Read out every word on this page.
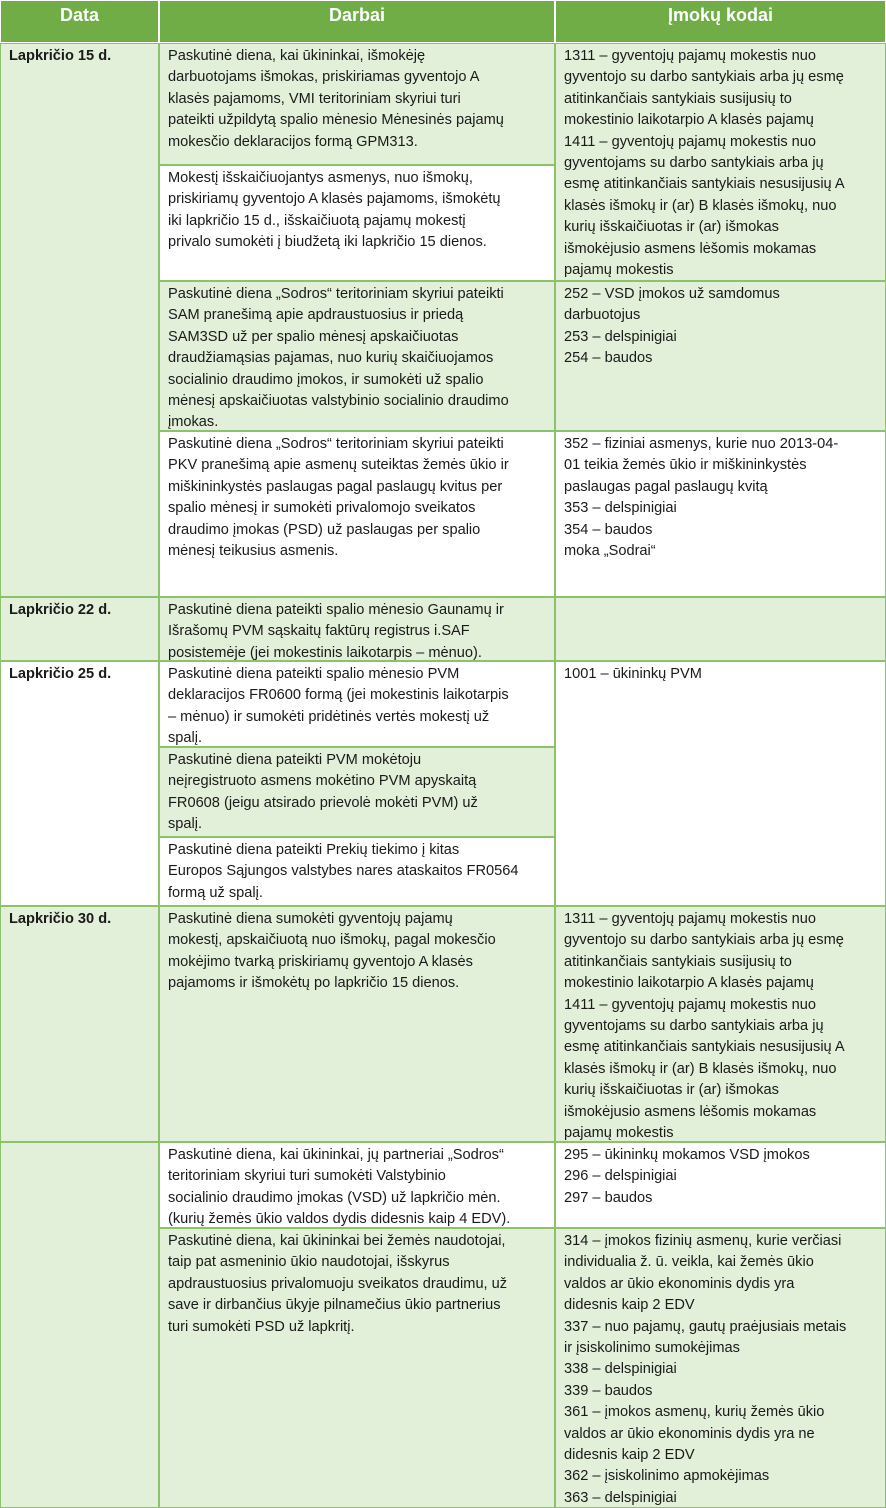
Data	Darbai	Įmokų kodai
Lapkričio 15 d.
Lapkričio 22 d.
Lapkričio 25 d.
Lapkričio 30 d.
Paskutinė diena, kai ūkininkai, išmokėję
darbuotojams išmokas, priskiriamas gyventojo A
klasės pajamoms, VMI teritoriniam skyriui turi
pateikti užpildytą spalio mėnesio Mėnesinės pajamų
mokesčio deklaracijos formą GPM313.
Mokestį išskaičiuojantys asmenys, nuo išmokų,
priskiriamų gyventojo A klasės pajamoms, išmokėtų
iki lapkričio 15 d., išskaičiuotą pajamų mokestį
privalo sumokėti į biudžetą iki lapkričio 15 dienos.
Paskutinė diena „Sodros“ teritoriniam skyriui pateikti
SAM pranešimą apie apdraustuosius ir priedą
SAM3SD už per spalio mėnesį apskaičiuotas
draudžiamąsias pajamas, nuo kurių skaičiuojamos
socialinio draudimo įmokos, ir sumokėti už spalio
mėnesį apskaičiuotas valstybinio socialinio draudimo
įmokas.
Paskutinė diena „Sodros“ teritoriniam skyriui pateikti
PKV pranešimą apie asmenų suteiktas žemės ūkio ir
miškininkystės paslaugas pagal paslaugų kvitus per
spalio mėnesį ir sumokėti privalomojo sveikatos
draudimo įmokas (PSD) už paslaugas per spalio
mėnesį teikusius asmenis.
Paskutinė diena pateikti spalio mėnesio Gaunamų ir
Išrašomų PVM sąskaitų faktūrų registrus i.SAF
posistemėje (jei mokestinis laikotarpis – mėnuo).
Paskutinė diena pateikti spalio mėnesio PVM
deklaracijos FR0600 formą (jei mokestinis laikotarpis
– mėnuo) ir sumokėti pridėtinės vertės mokestį už
spalį.
Paskutinė diena pateikti PVM mokėtoju
neįregistruoto asmens mokėtino PVM apyskaitą
FR0608 (jeigu atsirado prievolė mokėti PVM) už
spalį.
Paskutinė diena pateikti Prekių tiekimo į kitas
Europos Sąjungos valstybes nares ataskaitos FR0564
formą už spalį.
Paskutinė diena sumokėti gyventojų pajamų
mokestį, apskaičiuotą nuo išmokų, pagal mokesčio
mokėjimo tvarką priskiriamų gyventojo A klasės
pajamoms ir išmokėtų po lapkričio 15 dienos.
Paskutinė diena, kai ūkininkai, jų partneriai „Sodros“
teritoriniam skyriui turi sumokėti Valstybinio
socialinio draudimo įmokas (VSD) už lapkričio mėn.
(kurių žemės ūkio valdos dydis didesnis kaip 4 EDV).
Paskutinė diena, kai ūkininkai bei žemės naudotojai,
taip pat asmeninio ūkio naudotojai, išskyrus
apdraustuosius privalomuoju sveikatos draudimu, už
save ir dirbančius ūkyje pilnamečius ūkio partnerius
turi sumokėti PSD už lapkritį.
1311 – gyventojų pajamų mokestis nuo
gyventojo su darbo santykiais arba jų esmę
atitinkančiais santykiais susijusių to
mokestinio laikotarpio A klasės pajamų
1411 – gyventojų pajamų mokestis nuo
gyventojams su darbo santykiais arba jų
esmę atitinkančiais santykiais nesusijusių A
klasės išmokų ir (ar) B klasės išmokų, nuo
kurių išskaičiuotas ir (ar) išmokas
išmokėjusio asmens lėšomis mokamas
pajamų mokestis
252 – VSD įmokos už samdomus
darbuotojus
253 – delspinigiai
254 – baudos
352 – fiziniai asmenys, kurie nuo 2013-04-
01 teikia žemės ūkio ir miškininkystės
paslaugas pagal paslaugų kvitą
353 – delspinigiai
354 – baudos
moka „Sodrai“
1001 – ūkininkų PVM
1311 – gyventojų pajamų mokestis nuo
gyventojo su darbo santykiais arba jų esmę
atitinkančiais santykiais susijusių to
mokestinio laikotarpio A klasės pajamų
1411 – gyventojų pajamų mokestis nuo
gyventojams su darbo santykiais arba jų
esmę atitinkančiais santykiais nesusijusių A
klasės išmokų ir (ar) B klasės išmokų, nuo
kurių išskaičiuotas ir (ar) išmokas
išmokėjusio asmens lėšomis mokamas
pajamų mokestis
295 – ūkininkų mokamos VSD įmokos
296 – delspinigiai
297 – baudos
314 – įmokos fizinių asmenų, kurie verčiasi
individualia ž. ū. veikla, kai žemės ūkio
valdos ar ūkio ekonominis dydis yra
didesnis kaip 2 EDV
337 – nuo pajamų, gautų praėjusiais metais
ir įsiskolinimo sumokėjimas
338 – delspinigiai
339 – baudos
361 – įmokos asmenų, kurių žemės ūkio
valdos ar ūkio ekonominis dydis yra ne
didesnis kaip 2 EDV
362 – įsiskolinimo apmokėjimas
363 – delspinigiai
